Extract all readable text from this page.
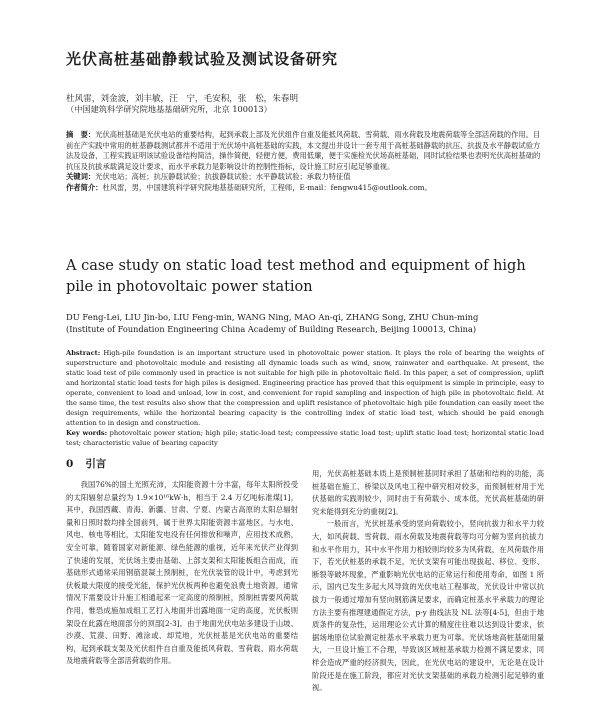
光伏高桩基础静载试验及测试设备研究
杜风雷，刘金波，刘丰敏，汪　宁，毛安积，张　松，朱春明
（中国建筑科学研究院地基基础研究所，北京 100013）
摘　要：光伏高桩基础是光伏电站的重要结构，起到承载上部及光伏组件自重及能抵风荷载、雪荷载、雨水荷载及地震荷载等全部活荷载的作用。目前在产实践中常用的桩基静载测试都并不适用于光伏场中高桩基础的实践，本文提出并设计一套专用于高桩基础静载的抗压、抗拔及水平静载试验方法及设备，工程实践证明该试验设备结构简洁，操作简便，轻便方便，费用低廉，便于实施检光伏场高桩基础，同时试验结果也表明光伏高桩基础的抗压及抗拔承载满足设计要求，而水平承载力是影响设计的控制性指标，设计施工时应引起足够重视。
关键词：光伏电站；高桩；抗压静载试验；抗拔静载试验；水平静载试验；承载力特征值
作者简介：杜风雷，男，中国建筑科学研究院地基基础研究所，工程师，E-mail：fengwu415@outlook.com。
A case study on static load test method and equipment of high pile in photovoltaic power station
DU Feng-Lei, LIU Jin-bo, LIU Feng-min, WANG Ning, MAO An-qi, ZHANG Song, ZHU Chun-ming
(Institute of Foundation Engineering China Academy of Building Research, Beijing 100013, China)
Abstract: High-pile foundation is an important structure used in photovoltaic power station. It plays the role of bearing the weights of superstructure and photovoltaic module and resisting all dynamic loads such as wind, snow, rainwater and earthquake. At present, the static load test of pile commonly used in practice is not suitable for high pile in photovoltaic field. In this paper, a set of compression, uplift and horizontal static load tests for high piles is designed. Engineering practice has proved that this equipment is simple in principle, easy to operate, convenient to load and unload, low in cost, and convenient for rapid sampling and inspection of high pile in photovoltaic field. At the same time, the test results also show that the compression and uplift resistance of photovoltaic high pile foundation can easily meet the design requirements, while the horizontal bearing capacity is the controlling index of static load test, which should be paid enough attention to in design and construction.
Key words: photovoltaic power station; high pile; static-load test; compressive static load test; uplift static load test; horizontal static load test; characteristic value of bearing capacity
0 引言

我国76%的国土光照充沛，太阳能资源十分丰富，每年太阳所投受的太阳辐射总量约为 1.9×10¹⁶kW·h，相当于 2.4 万亿吨标准煤[1]，其中，我国西藏、青海、新疆、甘肃、宁夏、内蒙古高原的太阳总辐射量和日照时数均排全国前列，属于世界太阳能资源丰富地区。与水电、风电、核电等相比，太阳能发电没有任何排放和噪声，应用技术成熟，安全可靠，随着国家对新能源、绿色能源的重视，近年来光伏产业得到了快速的发展，光伏场主要由基础、上部支架和太阳能板组合而成，而基础形式通常采用钢筋混凝土预制桩，在光伏装管的设计中，考虑到光伏板最大限度的接受光能，保护光伏板两种也避免浪费土地资源，通常情况下需要设计升施工相通起来一定高度的预制桩，预制桩需要风荷载作用，惟恐成施加成组工艺打入地面并出露地面一定的高度，光伏板则架设在此露在地面部分的顶部[2-3]。由于地面光伏电站多建设于山坡、沙漠、荒漠、田野、滩涂或、却荒地，光伏桩基是光伏电站的重要结构，起到承载支架及光伏组件自自重及能抵风荷载、雪荷载、雨水荷载及地震荷载等全部活荷载的作用。

用，光伏高桩基础本质上是预制桩基同时承担了基础和结构的功能，高桩基础在施工、桥梁以及风电工程中研究相对较多，而预制桩材用于光伏基础的实践则较少，同时由于有荷载小、成本低，光伏高桩基础的研究未能得到充分的重视[2]。

一般而言，光伏桩基承受的竖向荷载较小，竖向抗拔力和水平力较大，如风荷载、雪荷载、雨水荷载及地震荷载等均可分解为竖向抗拔力和水平作用力，其中水平作用力相较则均较多为风荷载，在风荷载作用下，若光伏桩基的承载不足，光伏支架有可能出现拔起、移位、变形、断裂等破坏现象，严重影响光伏电站的正常运行和使用寿命，如图 1 所示，国内已发生多起大风导致的光伏电站工程事故，光伏设计中常以抗拔力一般通过增加有竖向钢筋满足要求，而确定桩基水平承载力的理论方法主要有推理建通假定方法，p-y 曲线法及 NL 法等[4-5]，但由于地质条件的复杂性，运用理论公式计算的精度往往难以达到设计要求，依据场地原位试验测定桩基水平承载力更为可靠。光伏场地高桩基础用量大，一旦设计施工不合理，导致该区域桩基承载力检测不满足要求，同样会造成严重的经济损失，因此，在光伏电站的建设中，无论是在设计阶段还是在施工阶段，都应对光伏支架基础的承载力检测引起足够的重视。
